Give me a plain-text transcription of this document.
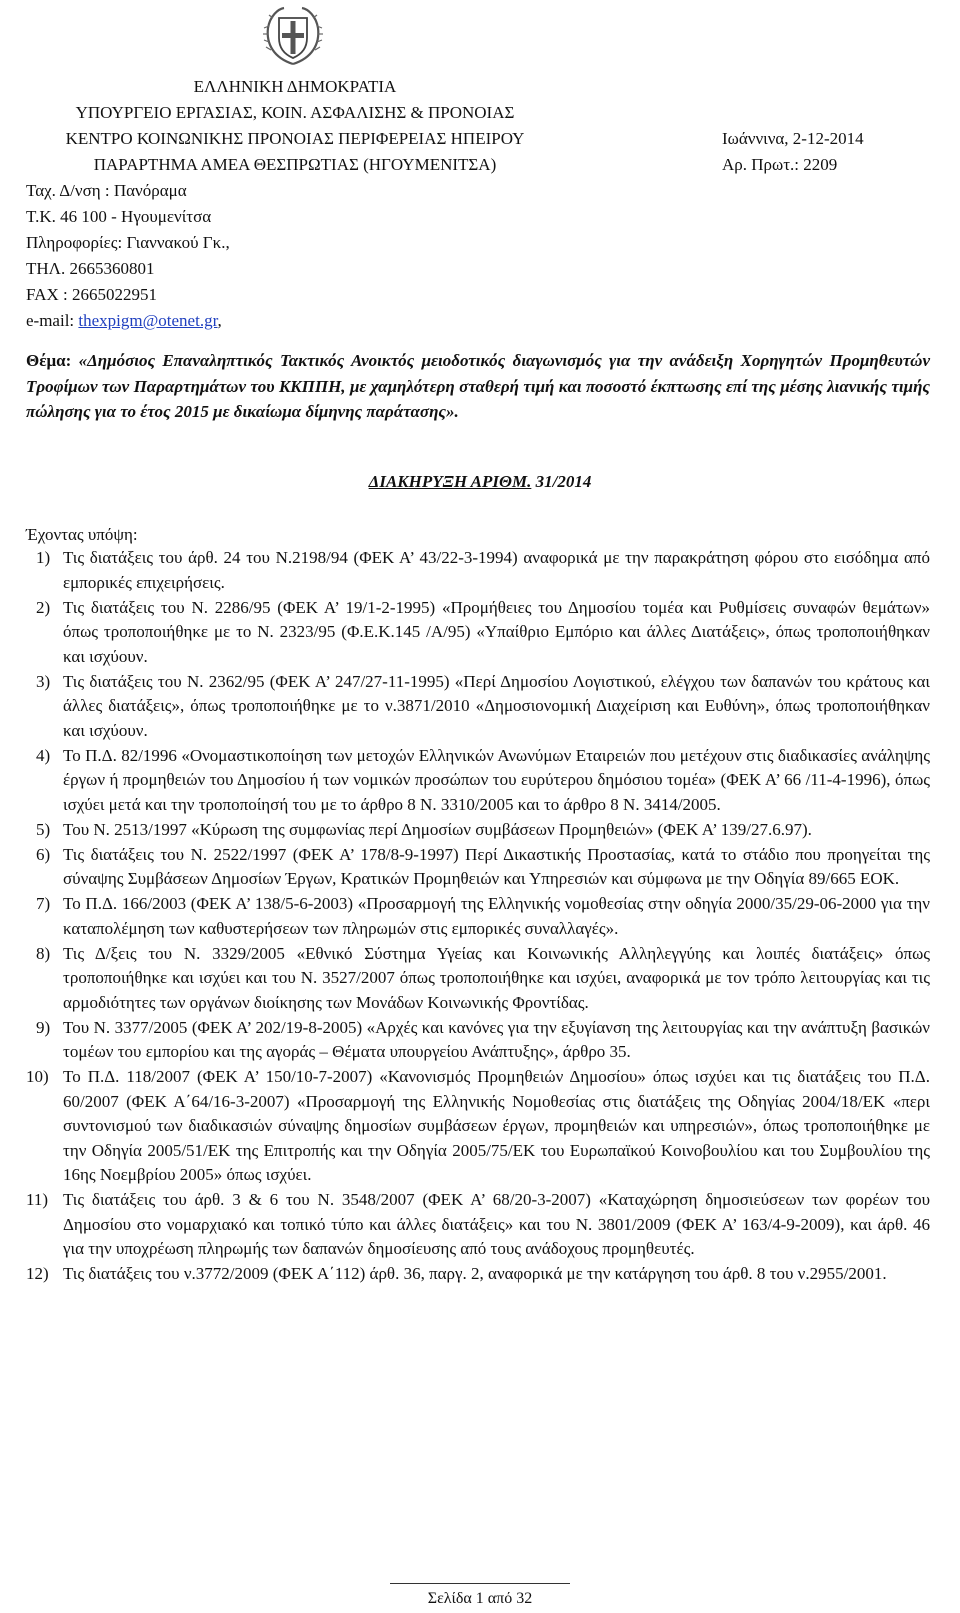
ΕΛΛΗΝΙΚΗ ΔΗΜΟΚΡΑΤΙΑ
ΥΠΟΥΡΓΕΙΟ ΕΡΓΑΣΙΑΣ, ΚΟΙΝ. ΑΣΦΑΛΙΣΗΣ & ΠΡΟΝΟΙΑΣ
ΚΕΝΤΡΟ ΚΟΙΝΩΝΙΚΗΣ ΠΡΟΝΟΙΑΣ ΠΕΡΙΦΕΡΕΙΑΣ ΗΠΕΙΡΟΥ
ΠΑΡΑΡΤΗΜΑ ΑΜΕΑ ΘΕΣΠΡΩΤΙΑΣ (ΗΓΟΥΜΕΝΙΤΣΑ)
Ιωάννινα, 2-12-2014
Αρ. Πρωτ.: 2209
Ταχ. Δ/νση : Πανόραμα
Τ.Κ. 46 100 - Ηγουμενίτσα
Πληροφορίες: Γιαννακού Γκ.,
ΤΗΛ. 2665360801
FAX : 2665022951
e-mail: thexpigm@otenet.gr,
Θέμα: «Δημόσιος Επαναληπτικός Τακτικός Ανοικτός μειοδοτικός διαγωνισμός για την ανάδειξη Χορηγητών Προμηθευτών Τροφίμων των Παραρτημάτων του ΚΚΠΠΗ, με χαμηλότερη σταθερή τιμή και ποσοστό έκπτωσης επί της μέσης λιανικής τιμής πώλησης για το έτος 2015 με δικαίωμα δίμηνης παράτασης».
ΔΙΑΚΗΡΥΞΗ ΑΡΙΘΜ. 31/2014
Έχοντας υπόψη:
1) Τις διατάξεις του άρθ. 24 του Ν.2198/94 (ΦΕΚ Α’ 43/22-3-1994) αναφορικά με την παρακράτηση φόρου στο εισόδημα από εμπορικές επιχειρήσεις.
2) Τις διατάξεις του Ν. 2286/95 (ΦΕΚ Α’ 19/1-2-1995) «Προμήθειες του Δημοσίου τομέα και Ρυθμίσεις συναφών θεμάτων» όπως τροποποιήθηκε με το Ν. 2323/95 (Φ.Ε.Κ.145 /Α/95) «Υπαίθριο Εμπόριο και άλλες Διατάξεις», όπως τροποποιήθηκαν και ισχύουν.
3) Τις διατάξεις του Ν. 2362/95 (ΦΕΚ Α’ 247/27-11-1995) «Περί Δημοσίου Λογιστικού, ελέγχου των δαπανών του κράτους και άλλες διατάξεις», όπως τροποποιήθηκε με το ν.3871/2010 «Δημοσιονομική Διαχείριση και Ευθύνη», όπως τροποποιήθηκαν και ισχύουν.
4) Το Π.Δ. 82/1996 «Ονομαστικοποίηση των μετοχών Ελληνικών Ανωνύμων Εταιρειών που μετέχουν στις διαδικασίες ανάληψης έργων ή προμηθειών του Δημοσίου ή των νομικών προσώπων του ευρύτερου δημόσιου τομέα» (ΦΕΚ Α’ 66 /11-4-1996), όπως ισχύει μετά και την τροποποίησή του με το άρθρο 8 Ν. 3310/2005 και το άρθρο 8 Ν. 3414/2005.
5) Του Ν. 2513/1997 «Κύρωση της συμφωνίας περί Δημοσίων συμβάσεων Προμηθειών» (ΦΕΚ Α’ 139/27.6.97).
6) Τις διατάξεις του Ν. 2522/1997 (ΦΕΚ Α’ 178/8-9-1997) Περί Δικαστικής Προστασίας, κατά το στάδιο που προηγείται της σύναψης Συμβάσεων Δημοσίων Έργων, Κρατικών Προμηθειών και Υπηρεσιών και σύμφωνα με την Οδηγία 89/665 ΕΟΚ.
7) Το Π.Δ. 166/2003 (ΦΕΚ Α’ 138/5-6-2003) «Προσαρμογή της Ελληνικής νομοθεσίας στην οδηγία 2000/35/29-06-2000 για την καταπολέμηση των καθυστερήσεων των πληρωμών στις εμπορικές συναλλαγές».
8) Τις Δ/ξεις του Ν. 3329/2005 «Εθνικό Σύστημα Υγείας και Κοινωνικής Αλληλεγγύης και λοιπές διατάξεις» όπως τροποποιήθηκε και ισχύει και του Ν. 3527/2007 όπως τροποποιήθηκε και ισχύει, αναφορικά με τον τρόπο λειτουργίας και τις αρμοδιότητες των οργάνων διοίκησης των Μονάδων Κοινωνικής Φροντίδας.
9) Του Ν. 3377/2005 (ΦΕΚ Α’ 202/19-8-2005) «Αρχές και κανόνες για την εξυγίανση της λειτουργίας και την ανάπτυξη βασικών τομέων του εμπορίου και της αγοράς – Θέματα υπουργείου Ανάπτυξης», άρθρο 35.
10) Το Π.Δ. 118/2007 (ΦΕΚ Α’ 150/10-7-2007) «Κανονισμός Προμηθειών Δημοσίου» όπως ισχύει και τις διατάξεις του Π.Δ. 60/2007 (ΦΕΚ Α΄64/16-3-2007) «Προσαρμογή της Ελληνικής Νομοθεσίας στις διατάξεις της Οδηγίας 2004/18/ΕΚ «περι συντονισμού των διαδικασιών σύναψης δημοσίων συμβάσεων έργων, προμηθειών και υπηρεσιών», όπως τροποποιήθηκε με την Οδηγία 2005/51/ΕΚ της Επιτροπής και την Οδηγία 2005/75/ΕΚ του Ευρωπαϊκού Κοινοβουλίου και του Συμβουλίου της 16ης Νοεμβρίου 2005» όπως ισχύει.
11) Τις διατάξεις του άρθ. 3 & 6 του Ν. 3548/2007 (ΦΕΚ Α’ 68/20-3-2007) «Καταχώρηση δημοσιεύσεων των φορέων του Δημοσίου στο νομαρχιακό και τοπικό τύπο και άλλες διατάξεις» και του Ν. 3801/2009 (ΦΕΚ Α’ 163/4-9-2009), και άρθ. 46 για την υποχρέωση πληρωμής των δαπανών δημοσίευσης από τους ανάδοχους προμηθευτές.
12) Τις διατάξεις του ν.3772/2009 (ΦΕΚ Α΄112) άρθ. 36, παργ. 2, αναφορικά με την κατάργηση του άρθ. 8 του ν.2955/2001.
Σελίδα 1 από 32
